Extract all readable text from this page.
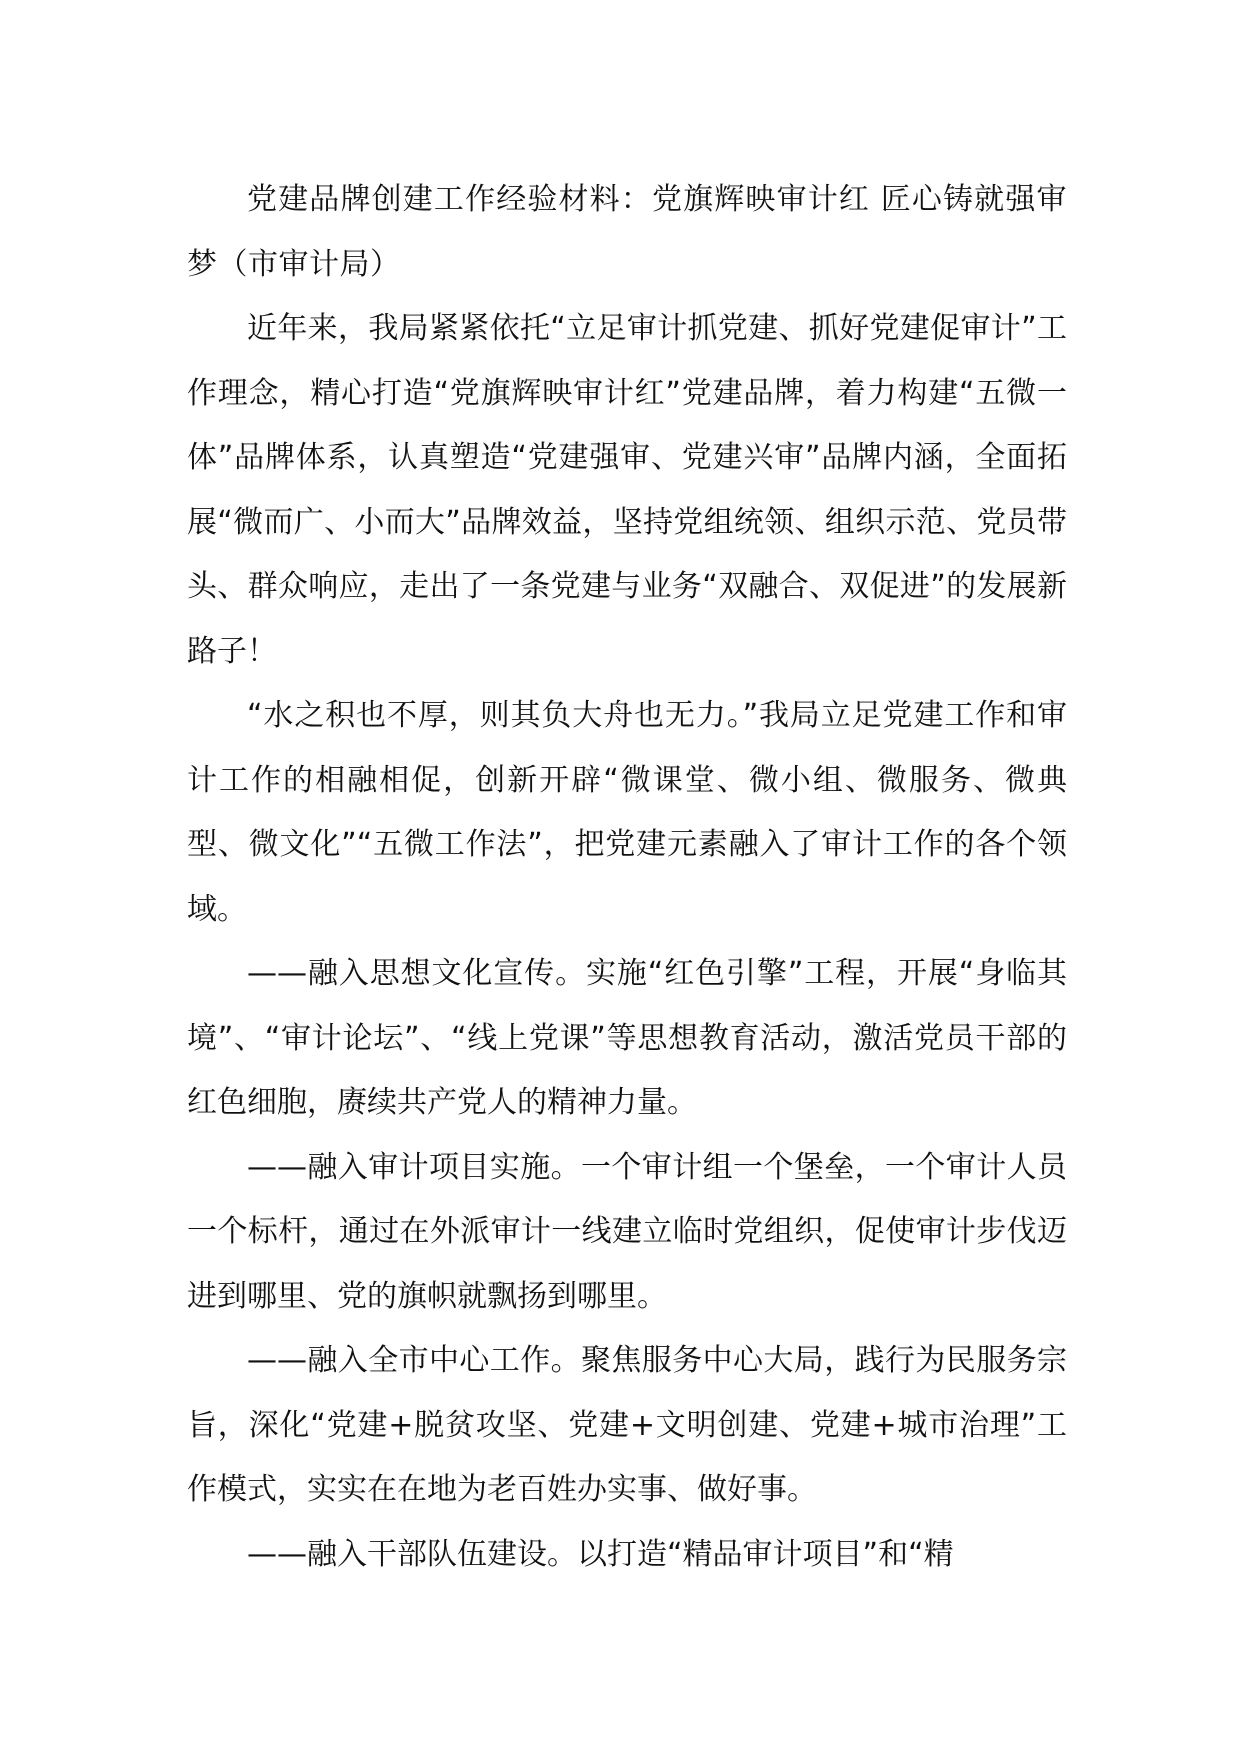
党建品牌创建工作经验材料：党旗辉映审计红 匠心铸就强审梦（市审计局）

近年来，我局紧紧依托“立足审计抓党建、抓好党建促审计”工作理念，精心打造“党旗辉映审计红”党建品牌，着力构建“五微一体”品牌体系，认真塑造“党建强审、党建兴审”品牌内涵，全面拓展“微而广、小而大”品牌效益，坚持党组统领、组织示范、党员带头、群众响应，走出了一条党建与业务“双融合、双促进”的发展新路子！

“水之积也不厚，则其负大舟也无力。”我局立足党建工作和审计工作的相融相促，创新开辟“微课堂、微小组、微服务、微典型、微文化”“五微工作法”，把党建元素融入了审计工作的各个领域。

——融入思想文化宣传。实施“红色引擎”工程，开展“身临其境”、“审计论坛”、“线上党课”等思想教育活动，激活党员干部的红色细胞，赓续共产党人的精神力量。

——融入审计项目实施。一个审计组一个堡垒，一个审计人员一个标杆，通过在外派审计一线建立临时党组织，促使审计步伐迈进到哪里、党的旗帜就飘扬到哪里。

——融入全市中心工作。聚焦服务中心大局，践行为民服务宗旨，深化“党建+脱贫攻坚、党建+文明创建、党建+城市治理”工作模式，实实在在地为老百姓办实事、做好事。

——融入干部队伍建设。以打造“精品审计项目”和“精
